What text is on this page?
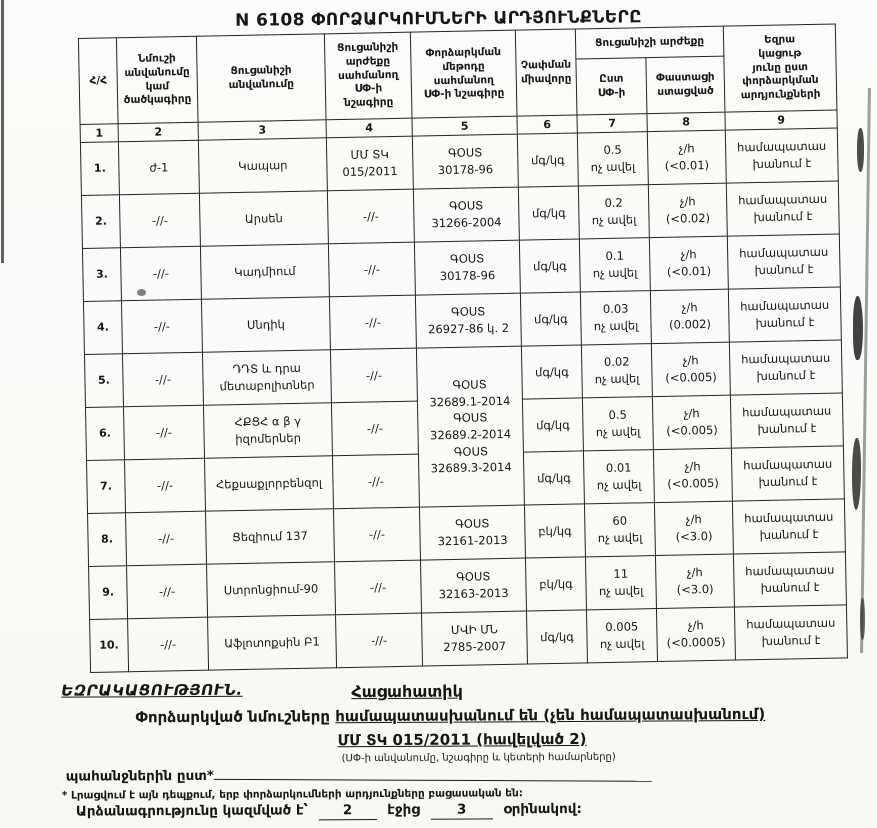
N 6108 ՓՈՐՁԱՐԿՈՒՄՆԵՐԻ ԱՐԴՅՈՒՆՔՆԵՐԸ
Հ/Հ	Նմուշի
անվանումը
կամ
ծածկագիրը	Ցուցանիշի
անվանումը	Ցուցանիշի
արժեքը
սահմանող
ՍՓ-ի
նշագիրը	Փորձարկման
մեթոդը
սահմանող
ՍՓ-ի նշագիրը	Չափման
միավորը	Ցուցանիշի արժեքը		Եզրա
կացութ
յունը ըստ
փորձարկման
արդյունքների
						Ըստ
ՍՓ-ի	Փաստացի
ստացված	
1	2	3	4	5	6	7	8	9
1.	ժ-1	Կապար	ՄՄ ՏԿ
015/2011	ԳՕՍՏ
30178-96	մգ/կգ	0.5
ոչ ավել	չ/հ
(<0.01)	համապատաս
խանում է
2.	-//-	Արսեն	-//-	ԳՕՍՏ
31266-2004	մգ/կգ	0.2
ոչ ավել	չ/հ
(<0.02)	համապատաս
խանում է
3.	-//-	Կադմիում	-//-	ԳՕՍՏ
30178-96	մգ/կգ	0.1
ոչ ավել	չ/հ
(<0.01)	համապատաս
խանում է
4.	-//-	Սնդիկ	-//-	ԳՕՍՏ
26927-86 կ. 2	մգ/կգ	0.03
ոչ ավել	չ/հ
(0.002)	համապատաս
խանում է
5.	-//-	ԴԴՏ և դրա
մետաբոլիտներ	-//-	ԳՕՍՏ
32689.1-2014
ԳՕՍՏ
32689.2-2014
ԳՕՍՏ
32689.3-2014	մգ/կգ	0.02
ոչ ավել	չ/հ
(<0.005)	համապատաս
խանում է
6.	-//-	ՀՔՑՀ α β γ
իզոմերներ	-//-		մգ/կգ	0.5
ոչ ավել	չ/հ
(<0.005)	համապատաս
խանում է
7.	-//-	Հեքսաքլորբենզոլ	-//-		մգ/կգ	0.01
ոչ ավել	չ/հ
(<0.005)	համապատաս
խանում է
8.	-//-	Ցեզիում 137	-//-	ԳՕՍՏ
32161-2013	բկ/կգ	60
ոչ ավել	չ/հ
(<3.0)	համապատաս
խանում է
9.	-//-	Ստրոնցիում-90	-//-	ԳՕՍՏ
32163-2013	բկ/կգ	11
ոչ ավել	չ/հ
(<3.0)	համապատաս
խանում է
10.	-//-	Աֆլոտոքսին Բ1	-//-	ՄՎԻ ՄՆ
2785-2007	մգ/կգ	0.005
ոչ ավել	չ/հ
(<0.0005)	համապատաս
խանում է
ԵԶՐԱԿԱՑՈՒԹՅՈՒՆ.	Հացահատիկ
Փորձարկված նմուշները համապատասխանում են (չեն համապատասխանում)
ՄՄ ՏԿ 015/2011 (հավելված 2)
(ՍՓ-ի անվանումը, նշագիրը և կետերի համարները)
պահանջներին ըստ*
* Լրացվում է այն դեպքում, երբ փորձարկումների արդյունքները բացասական են:
Արձանագրությունը կազմված է՝	2	էջից	3	օրինակով:
